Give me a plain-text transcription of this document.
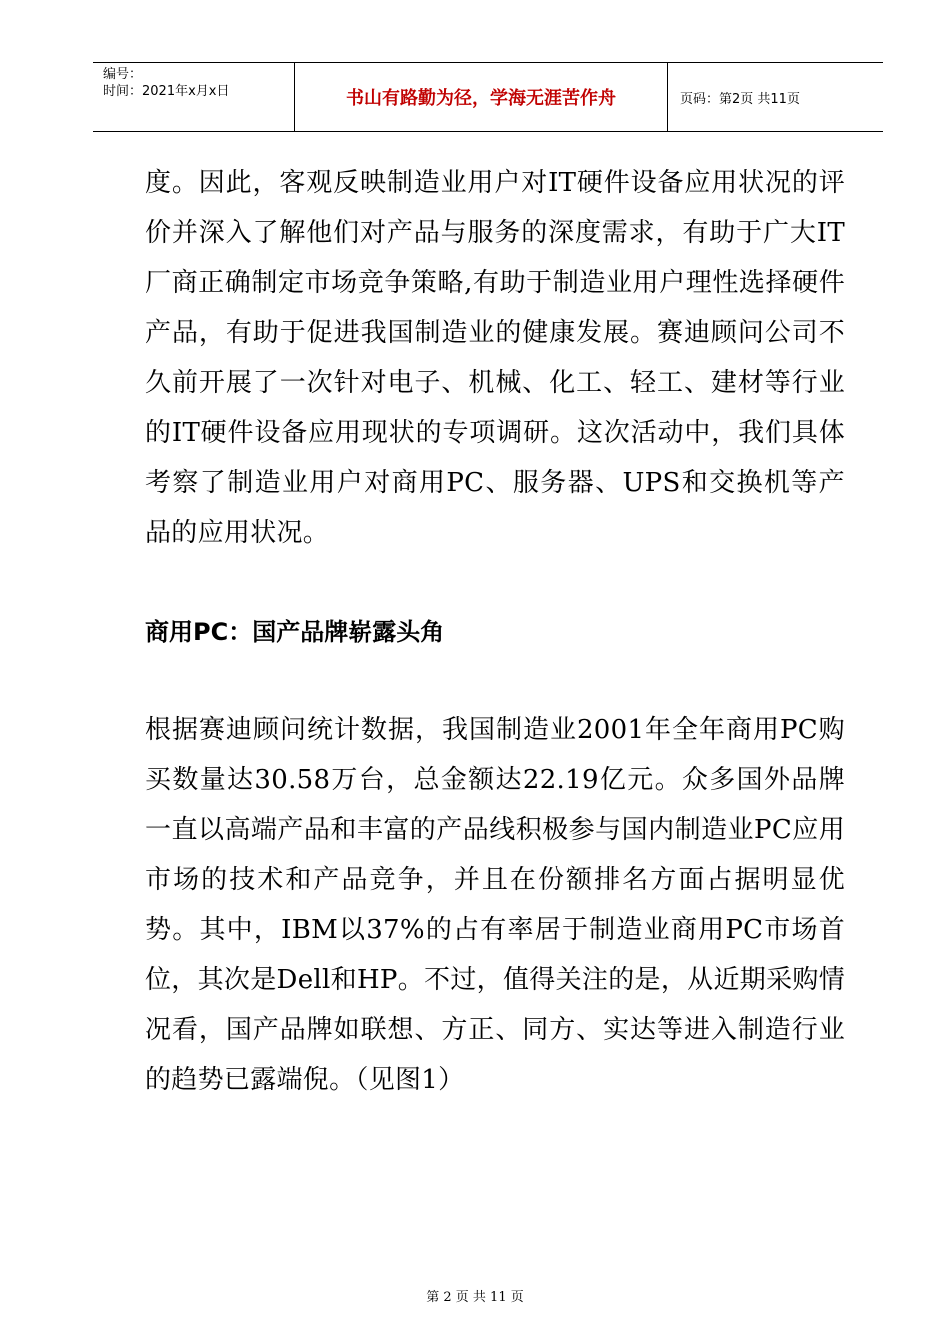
编号：
时间：2021年x月x日	书山有路勤为径，学海无涯苦作舟	页码：第2页 共11页

度。因此，客观反映制造业用户对IT硬件设备应用状况的评价并深入了解他们对产品与服务的深度需求，有助于广大IT厂商正确制定市场竞争策略,有助于制造业用户理性选择硬件产品，有助于促进我国制造业的健康发展。赛迪顾问公司不久前开展了一次针对电子、机械、化工、轻工、建材等行业的IT硬件设备应用现状的专项调研。这次活动中，我们具体考察了制造业用户对商用PC、服务器、UPS和交换机等产品的应用状况。

商用PC：国产品牌崭露头角

根据赛迪顾问统计数据，我国制造业2001年全年商用PC购买数量达30.58万台，总金额达22.19亿元。众多国外品牌一直以高端产品和丰富的产品线积极参与国内制造业PC应用市场的技术和产品竞争，并且在份额排名方面占据明显优势。其中，IBM以37%的占有率居于制造业商用PC市场首位，其次是Dell和HP。不过，值得关注的是，从近期采购情况看，国产品牌如联想、方正、同方、实达等进入制造行业的趋势已露端倪。（见图1）

第 2 页 共 11 页
